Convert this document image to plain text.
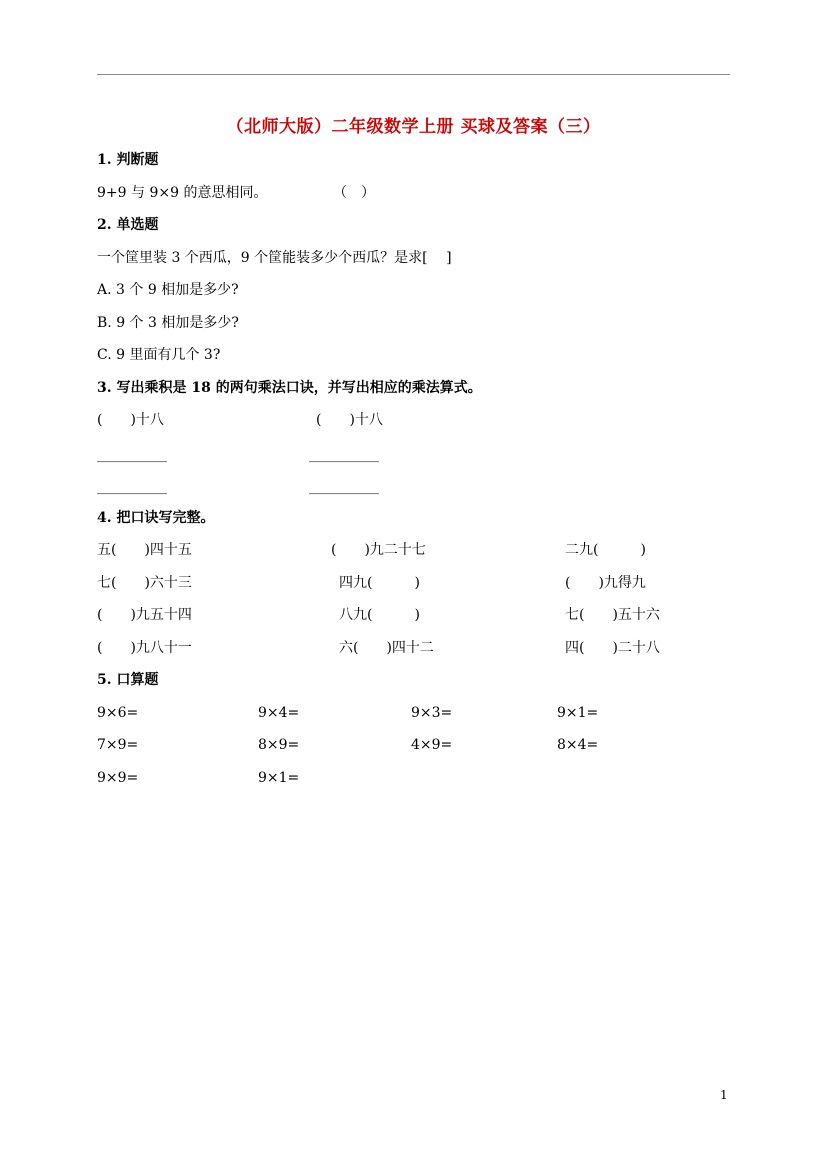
（北师大版）二年级数学上册 买球及答案（三）
1. 判断题
9+9 与 9×9 的意思相同。	（　）
2. 单选题
一个筐里装 3 个西瓜，9 个筐能装多少个西瓜？是求[　 ]
A. 3 个 9 相加是多少?
B. 9 个 3 相加是多少?
C. 9 里面有几个 3?
3. 写出乘积是 18 的两句乘法口诀，并写出相应的乘法算式。
(　　)十八	(　　)十八
__________	__________
__________	__________
4. 把口诀写完整。
五(　　)四十五	(　　)九二十七	二九(　　　)
七(　　)六十三	四九(　　　)	(　　)九得九
(　　)九五十四	八九(　　　)	七(　　)五十六
(　　)九八十一	六(　　)四十二	四(　　)二十八
5. 口算题
9×6=	9×4=	9×3=	9×1=
7×9=	8×9=	4×9=	8×4=
9×9=	9×1=
1
